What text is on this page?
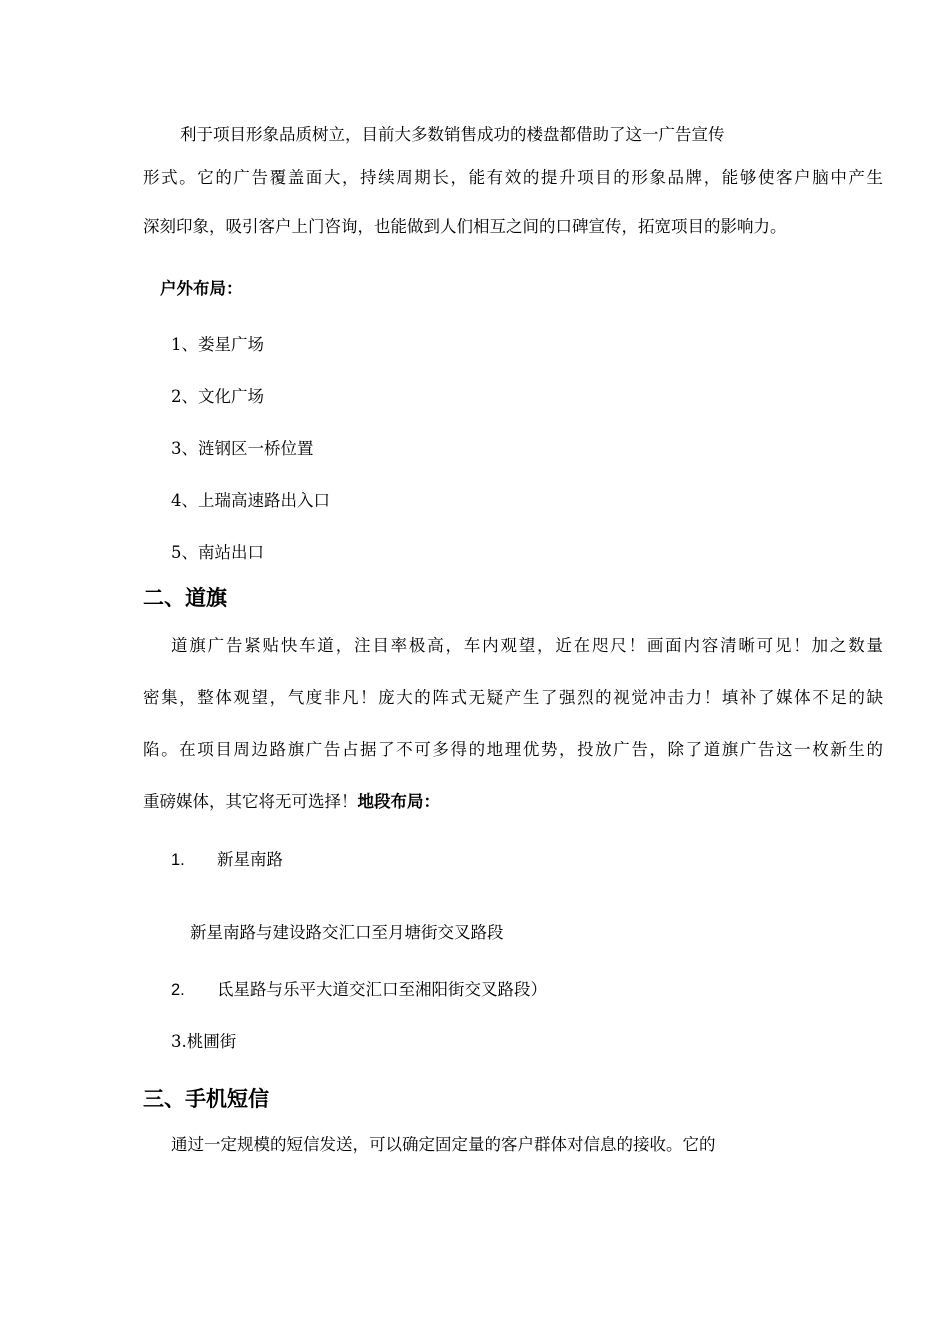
利于项目形象品质树立，目前大多数销售成功的楼盘都借助了这一广告宣传
形式。它的广告覆盖面大，持续周期长，能有效的提升项目的形象品牌，能够使客户脑中产生
深刻印象，吸引客户上门咨询，也能做到人们相互之间的口碑宣传，拓宽项目的影响力。
户外布局：
1、娄星广场
2、文化广场
3、涟钢区一桥位置
4、上瑞高速路出入口
5、南站出口
二、道旗
道旗广告紧贴快车道，注目率极高，车内观望，近在咫尺！画面内容清晰可见！加之数量
密集，整体观望，气度非凡！庞大的阵式无疑产生了强烈的视觉冲击力！填补了媒体不足的缺
陷。在项目周边路旗广告占据了不可多得的地理优势，投放广告，除了道旗广告这一枚新生的
重磅媒体，其它将无可选择！地段布局：
1. 新星南路
新星南路与建设路交汇口至月塘街交叉路段
2. 氐星路与乐平大道交汇口至湘阳街交叉路段）
3.桃圃街
三、手机短信
通过一定规模的短信发送，可以确定固定量的客户群体对信息的接收。它的
